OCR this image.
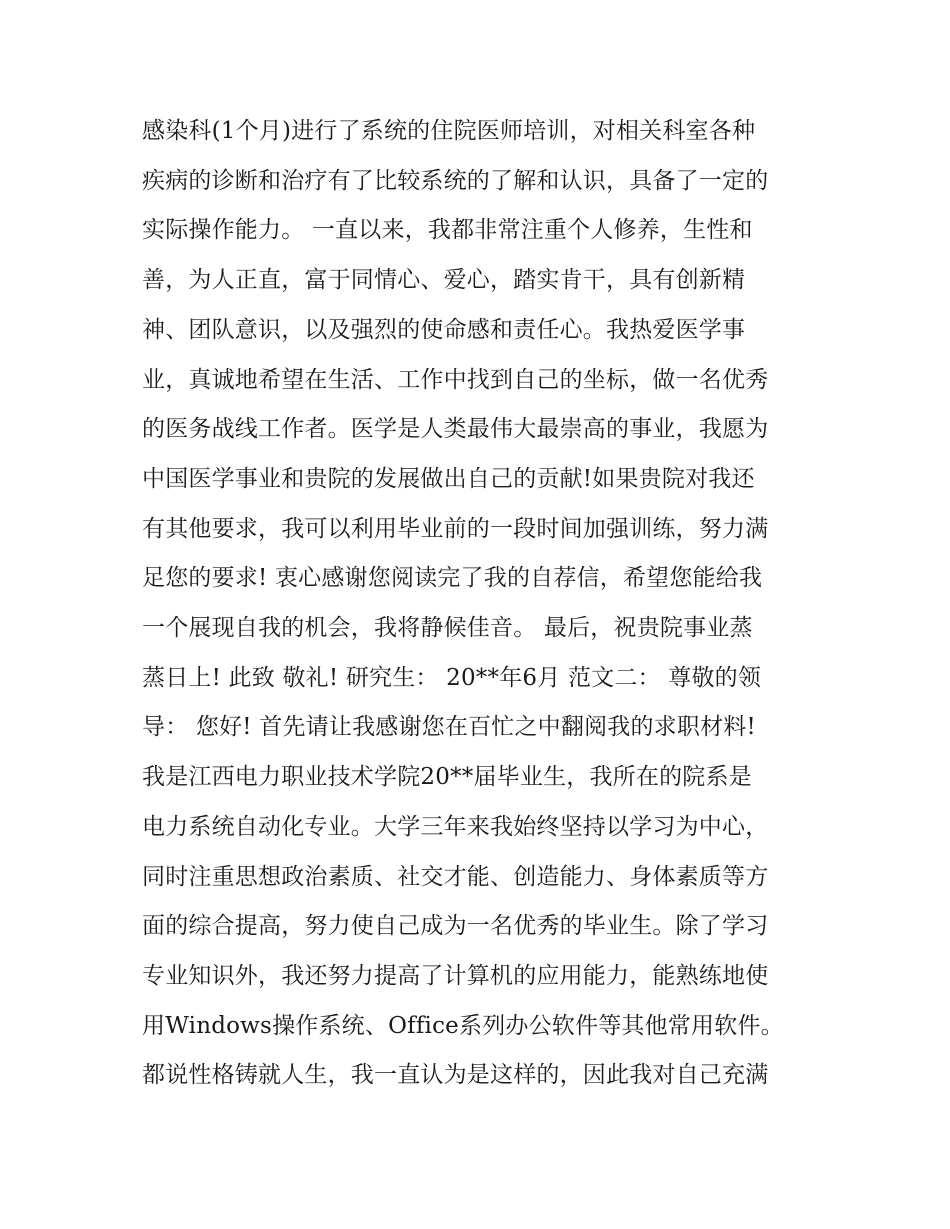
感染科(1个月)进行了系统的住院医师培训，对相关科室各种
疾病的诊断和治疗有了比较系统的了解和认识，具备了一定的
实际操作能力。 一直以来，我都非常注重个人修养，生性和
善，为人正直，富于同情心、爱心，踏实肯干，具有创新精
神、团队意识，以及强烈的使命感和责任心。我热爱医学事
业，真诚地希望在生活、工作中找到自己的坐标，做一名优秀
的医务战线工作者。医学是人类最伟大最崇高的事业，我愿为
中国医学事业和贵院的发展做出自己的贡献!如果贵院对我还
有其他要求，我可以利用毕业前的一段时间加强训练，努力满
足您的要求! 衷心感谢您阅读完了我的自荐信，希望您能给我
一个展现自我的机会，我将静候佳音。 最后，祝贵院事业蒸
蒸日上! 此致 敬礼! 研究生： 20**年6月 范文二： 尊敬的领
导： 您好! 首先请让我感谢您在百忙之中翻阅我的求职材料!
我是江西电力职业技术学院20**届毕业生，我所在的院系是
电力系统自动化专业。大学三年来我始终坚持以学习为中心，
同时注重思想政治素质、社交才能、创造能力、身体素质等方
面的综合提高，努力使自己成为一名优秀的毕业生。除了学习
专业知识外，我还努力提高了计算机的应用能力，能熟练地使
用Windows操作系统、Office系列办公软件等其他常用软件。
都说性格铸就人生，我一直认为是这样的，因此我对自己充满
